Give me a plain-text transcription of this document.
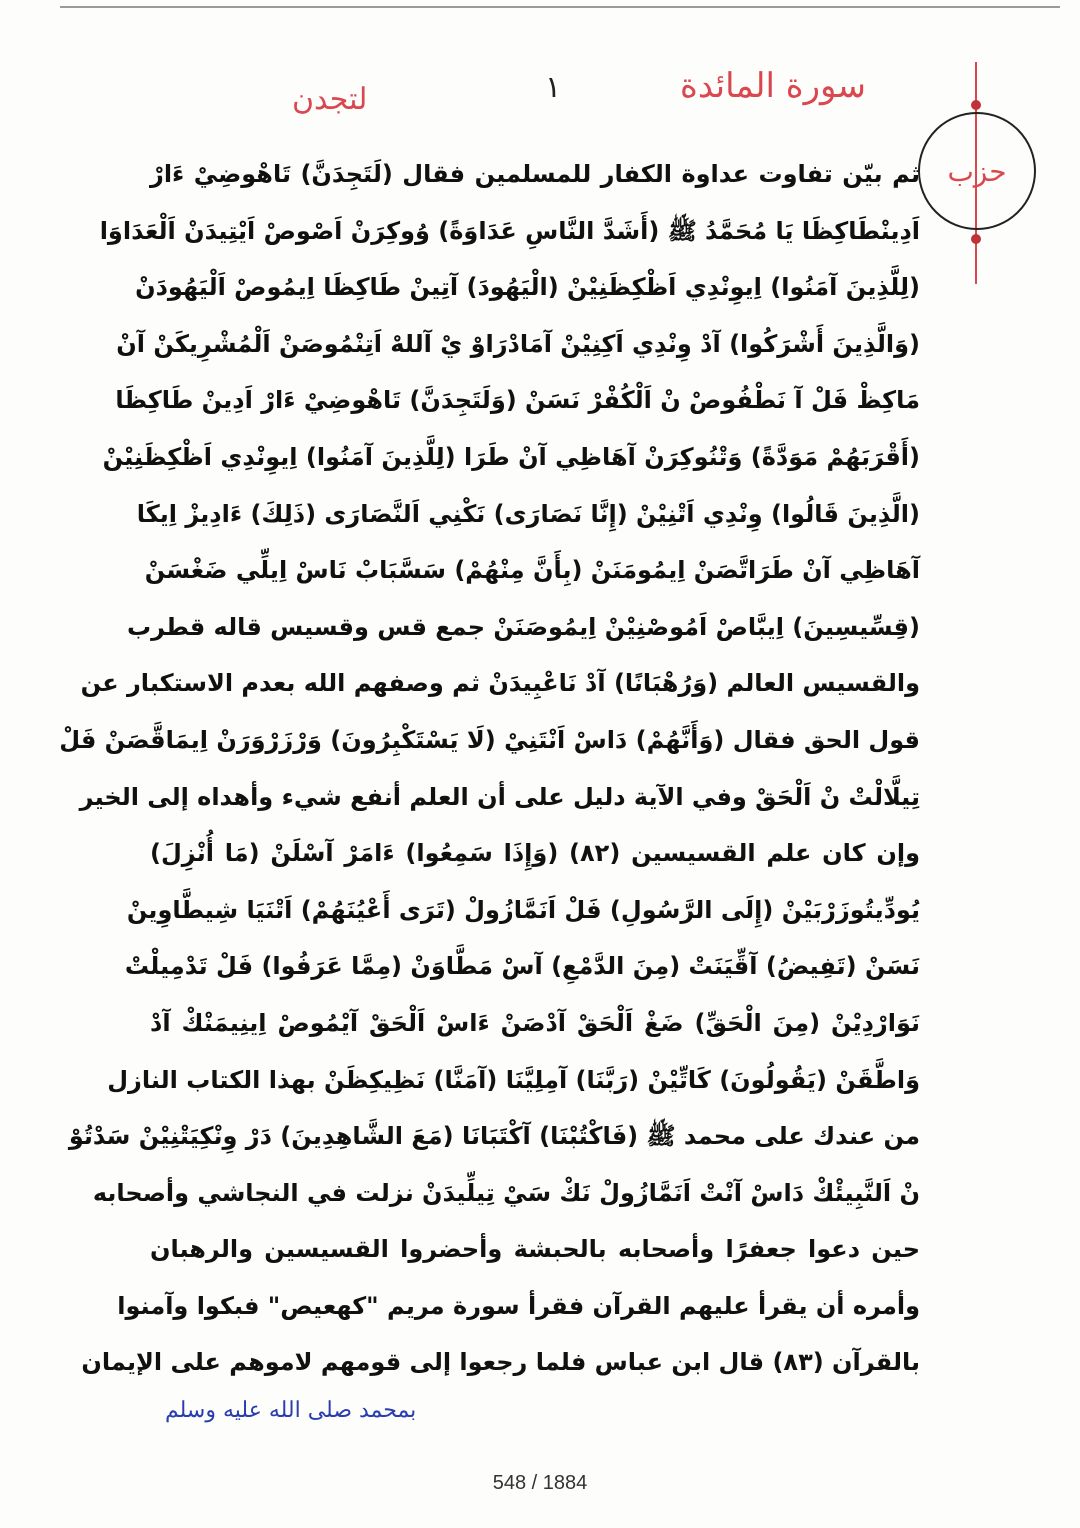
حزب
سورة المائدة
١
لتجدن
ثم بيّن تفاوت عداوة الكفار للمسلمين فقال (لَتَجِدَنَّ) تَاهْوضِيْ ءَارْ
اَدِينْطَاكِظَا يَا مُحَمَّدُ ﷺ (أَشَدَّ النَّاسِ عَدَاوَةً) وُوكِرَنْ اَصْوصْ اَيْتِيدَنْ اَلْعَدَاوَا
(لِلَّذِينَ آمَنُوا) اِيوِنْدِي اَظْكِظَنِيْنْ (الْيَهُودَ) آتِينْ طَاكِظَا اِيمُوصْ اَلْيَهُودَنْ
(وَالَّذِينَ أَشْرَكُوا) آدْ وِنْدِي اَكِنِيْنْ آمَادْرَاوْ يْ آللهْ اَتِنْمُوصَنْ اَلْمُشْرِيكَنْ آنْ
مَاكِظْ فَلْ آ نَطْفُوصْ نْ اَلْكُفْرْ نَسَنْ (وَلَتَجِدَنَّ) تَاهْوضِيْ ءَارْ اَدِينْ طَاكِظَا
(أَقْرَبَهُمْ مَوَدَّةً) وَتْنُوكِرَنْ آهَاظِي آنْ طَرَا (لِلَّذِينَ آمَنُوا) اِيوِنْدِي اَظْكِظَنِيْنْ
(الَّذِينَ قَالُوا) وِنْدِي اَتْنِيْنْ (إِنَّا نَصَارَى) نَكْنِي اَلنَّصَارَى (ذَلِكَ) ءَادِيزْ اِيكَا
آهَاظِي آنْ طَرَاتَّصَنْ اِيمُومَنَنْ (بِأَنَّ مِنْهُمْ) سَسَّبَابْ نَاسْ اِيلِّي ضَغْسَنْ
(قِسِّيسِينَ) اِيبَّاصْ اَمُوصْنِيْنْ اِيمُوصَنَنْ جمع قس وقسيس قاله قطرب
والقسيس العالم (وَرُهْبَانًا) آدْ نَاعْبِيدَنْ ثم وصفهم الله بعدم الاستكبار عن
قول الحق فقال (وَأَنَّهُمْ) دَاسْ اَنْتَنِيْ (لَا يَسْتَكْبِرُونَ) وَرْزَرْوَرَنْ اِيمَاقَّصَنْ فَلْ
تِيلَّالْتْ نْ اَلْحَقْ وفي الآية دليل على أن العلم أنفع شيء وأهداه إلى الخير
وإن كان علم القسيسين (٨٢) (وَإِذَا سَمِعُوا) ءَامَرْ آسْلَنْ (مَا أُنْزِلَ)
يُودِّيتُوزَرْبَيْنْ (إِلَى الرَّسُولِ) فَلْ اَنَمَّازُولْ (تَرَى أَعْيُنَهُمْ) اَتْنَيَا شِيطَّاوِينْ
نَسَنْ (تَفِيضُ) آقِّيَنَتْ (مِنَ الدَّمْعِ) آسْ مَطَّاوَنْ (مِمَّا عَرَفُوا) فَلْ تَدْمِيلْتْ
نَوَارْدِيْنْ (مِنَ الْحَقِّ) ضَغْ اَلْحَقْ آدْصَنْ ءَاسْ اَلْحَقْ آيْمُوصْ اِينِيمَنْكْ آدْ
وَاطَّقَنْ (يَقُولُونَ) كَاتِّيْنْ (رَبَّنَا) آمِلِيَّنَا (آمَنَّا) نَظِيكِظَنْ بهذا الكتاب النازل
من عندك على محمد ﷺ (فَاكْتُبْنَا) آكْتَبَانَا (مَعَ الشَّاهِدِينَ) دَرْ وِنْكِيَتْنِيْنْ سَدْتُوْ
نْ اَلنَّبِيئْكْ دَاسْ آنْتْ اَنَمَّازُولْ نَكْ سَيْ تِيلِّيدَنْ نزلت في النجاشي وأصحابه
حين دعوا جعفرًا وأصحابه بالحبشة وأحضروا القسيسين والرهبان
وأمره أن يقرأ عليهم القرآن فقرأ سورة مريم "كهعيص" فبكوا وآمنوا
بالقرآن (٨٣) قال ابن عباس فلما رجعوا إلى قومهم لاموهم على الإيمان
بمحمد صلى الله عليه وسلم
548 / 1884
